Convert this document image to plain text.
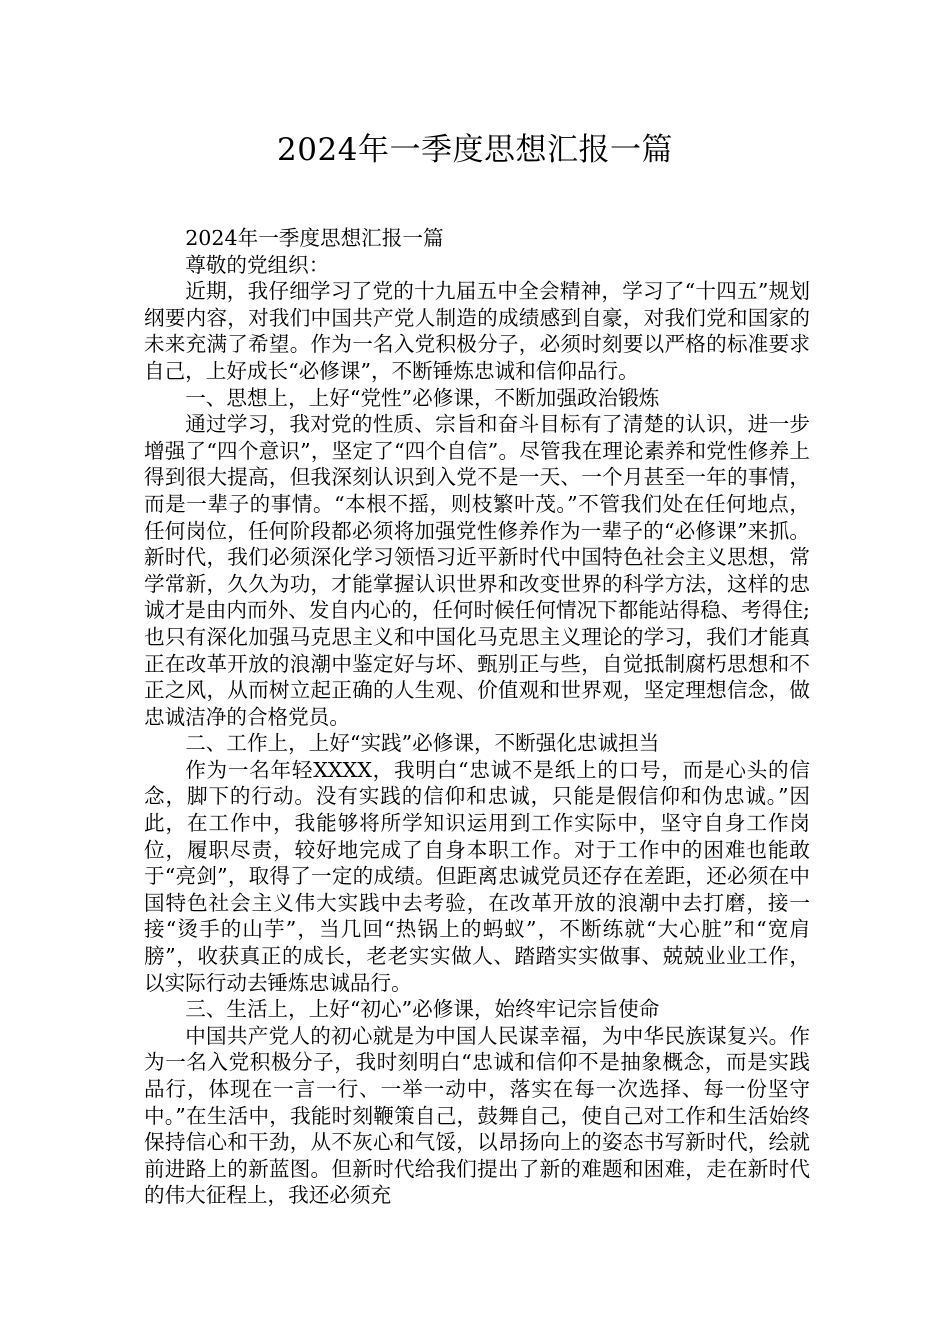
2024年一季度思想汇报一篇

2024年一季度思想汇报一篇

尊敬的党组织：

近期，我仔细学习了党的十九届五中全会精神，学习了“十四五”规划纲要内容，对我们中国共产党人制造的成绩感到自豪，对我们党和国家的未来充满了希望。作为一名入党积极分子，必须时刻要以严格的标准要求自己，上好成长“必修课”，不断锤炼忠诚和信仰品行。

一、思想上，上好“党性”必修课，不断加强政治锻炼

通过学习，我对党的性质、宗旨和奋斗目标有了清楚的认识，进一步增强了“四个意识”，坚定了“四个自信”。尽管我在理论素养和党性修养上得到很大提高，但我深刻认识到入党不是一天、一个月甚至一年的事情，而是一辈子的事情。“本根不摇，则枝繁叶茂。”不管我们处在任何地点，任何岗位，任何阶段都必须将加强党性修养作为一辈子的“必修课”来抓。新时代，我们必须深化学习领悟习近平新时代中国特色社会主义思想，常学常新，久久为功，才能掌握认识世界和改变世界的科学方法，这样的忠诚才是由内而外、发自内心的，任何时候任何情况下都能站得稳、考得住;也只有深化加强马克思主义和中国化马克思主义理论的学习，我们才能真正在改革开放的浪潮中鉴定好与坏、甄别正与些，自觉抵制腐朽思想和不正之风，从而树立起正确的人生观、价值观和世界观，坚定理想信念，做忠诚洁净的合格党员。

二、工作上，上好“实践”必修课，不断强化忠诚担当

作为一名年轻XXXX，我明白“忠诚不是纸上的口号，而是心头的信念，脚下的行动。没有实践的信仰和忠诚，只能是假信仰和伪忠诚。”因此，在工作中，我能够将所学知识运用到工作实际中，坚守自身工作岗位，履职尽责，较好地完成了自身本职工作。对于工作中的困难也能敢于“亮剑”，取得了一定的成绩。但距离忠诚党员还存在差距，还必须在中国特色社会主义伟大实践中去考验，在改革开放的浪潮中去打磨，接一接“烫手的山芋”，当几回“热锅上的蚂蚁”，不断练就“大心脏”和“宽肩膀”，收获真正的成长，老老实实做人、踏踏实实做事、兢兢业业工作，以实际行动去锤炼忠诚品行。

三、生活上，上好“初心”必修课，始终牢记宗旨使命

中国共产党人的初心就是为中国人民谋幸福，为中华民族谋复兴。作为一名入党积极分子，我时刻明白“忠诚和信仰不是抽象概念，而是实践品行，体现在一言一行、一举一动中，落实在每一次选择、每一份坚守中。”在生活中，我能时刻鞭策自己，鼓舞自己，使自己对工作和生活始终保持信心和干劲，从不灰心和气馁，以昂扬向上的姿态书写新时代，绘就前进路上的新蓝图。但新时代给我们提出了新的难题和困难，走在新时代的伟大征程上，我还必须充
